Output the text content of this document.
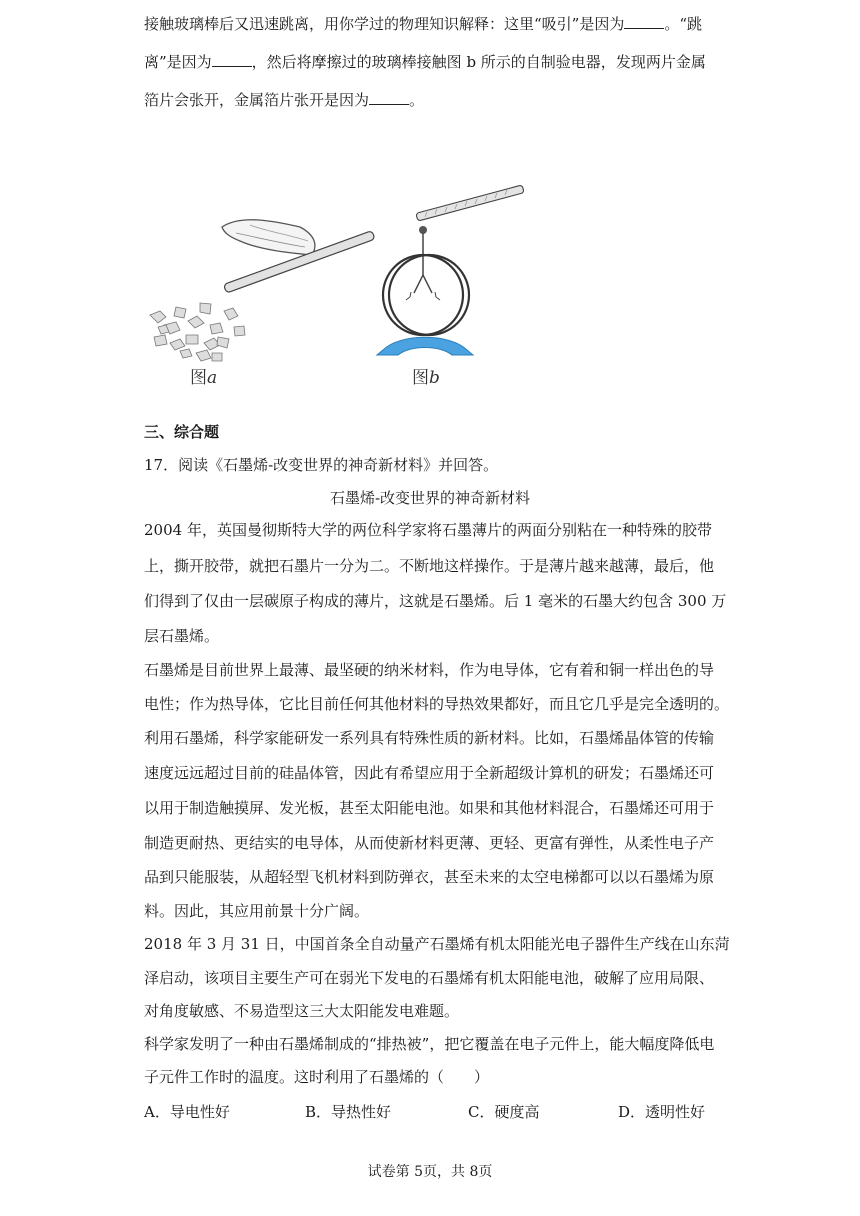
接触玻璃棒后又迅速跳离，用你学过的物理知识解释：这里“吸引”是因为	。“跳
离”是因为	，然后将摩擦过的玻璃棒接触图 b 所示的自制验电器，发现两片金属
箔片会张开，金属箔片张开是因为	。
图a	图b
三、综合题
17．阅读《石墨烯-改变世界的神奇新材料》并回答。
石墨烯-改变世界的神奇新材料
2004 年，英国曼彻斯特大学的两位科学家将石墨薄片的两面分别粘在一种特殊的胶带
上，撕开胶带，就把石墨片一分为二。不断地这样操作。于是薄片越来越薄，最后，他
们得到了仅由一层碳原子构成的薄片，这就是石墨烯。后 1 毫米的石墨大约包含 300 万
层石墨烯。
石墨烯是目前世界上最薄、最坚硬的纳米材料，作为电导体，它有着和铜一样出色的导
电性；作为热导体，它比目前任何其他材料的导热效果都好，而且它几乎是完全透明的。
利用石墨烯，科学家能研发一系列具有特殊性质的新材料。比如，石墨烯晶体管的传输
速度远远超过目前的硅晶体管，因此有希望应用于全新超级计算机的研发；石墨烯还可
以用于制造触摸屏、发光板，甚至太阳能电池。如果和其他材料混合，石墨烯还可用于
制造更耐热、更结实的电导体，从而使新材料更薄、更轻、更富有弹性，从柔性电子产
品到只能服装，从超轻型飞机材料到防弹衣，甚至未来的太空电梯都可以以石墨烯为原
料。因此，其应用前景十分广阔。
2018 年 3 月 31 日，中国首条全自动量产石墨烯有机太阳能光电子器件生产线在山东菏
泽启动，该项目主要生产可在弱光下发电的石墨烯有机太阳能电池，破解了应用局限、
对角度敏感、不易造型这三大太阳能发电难题。
科学家发明了一种由石墨烯制成的“排热被”，把它覆盖在电子元件上，能大幅度降低电
子元件工作时的温度。这时利用了石墨烯的（　　）
A．导电性好	B．导热性好	C．硬度高	D．透明性好
试卷第 5页，共 8页
